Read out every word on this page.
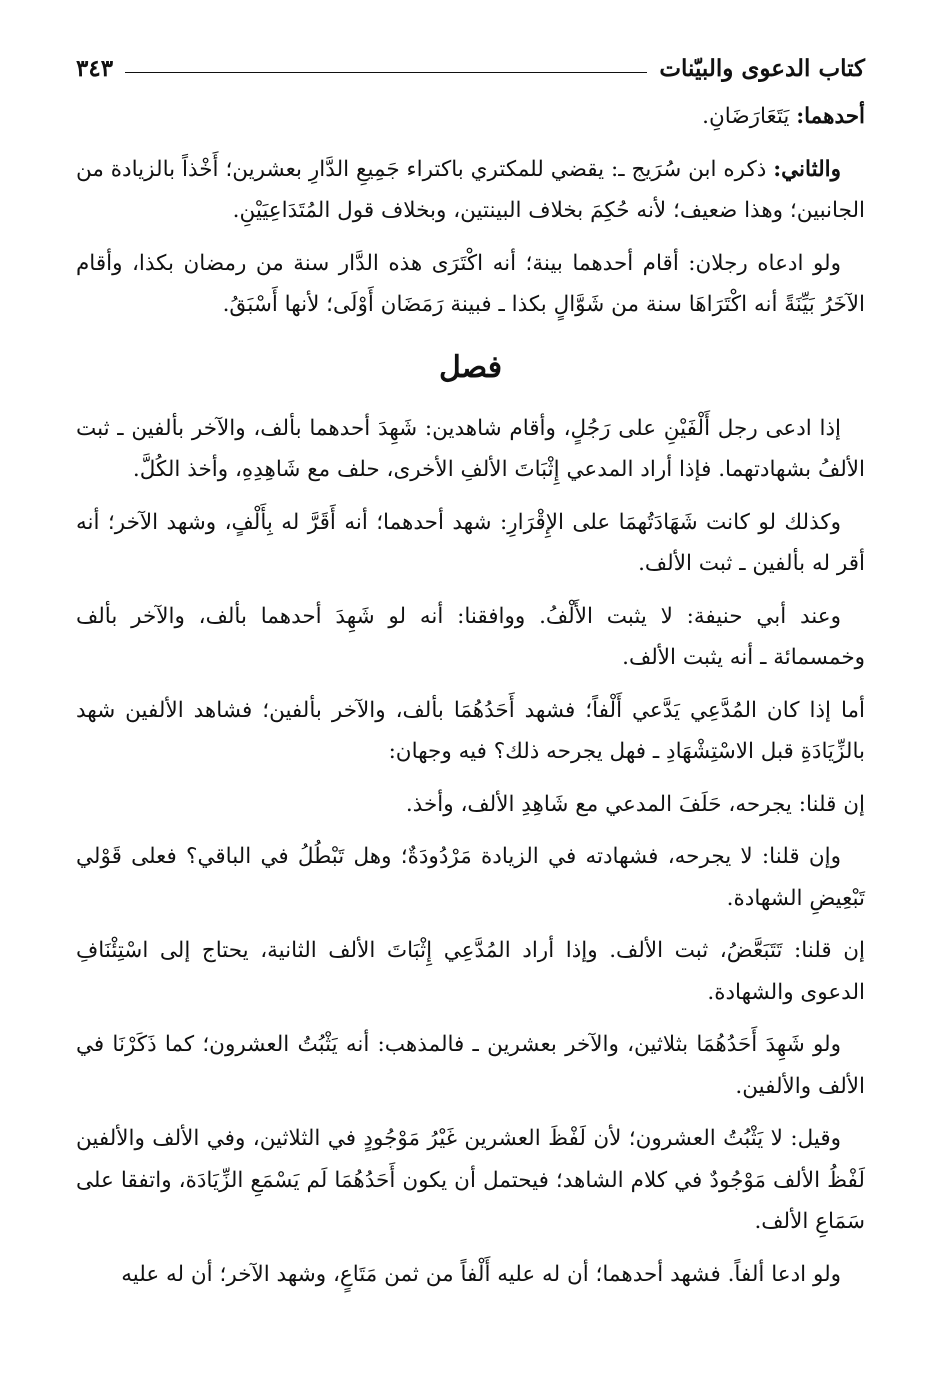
كتاب الدعوى والبيّنات
٣٤٣

أحدهما: يَتَعَارَضَانِ.

والثاني: ذكره ابن سُرَيج ـ: يقضي للمكتري باكتراء جَمِيعِ الدَّارِ بعشرين؛ أَخْذاً بالزيادة من الجانبين؛ وهذا ضعيف؛ لأنه حُكِمَ بخلاف البينتين، وبخلاف قول المُتَدَاعِيَيْنِ.

ولو ادعاه رجلان: أقام أحدهما بينة؛ أنه اكْتَرَى هذه الدَّار سنة من رمضان بكذا، وأقام الآخَرُ بَيِّنَةً أنه اكْتَرَاهَا سنة من شَوَّالٍ بكذا ـ فبينة رَمَضَان أَوْلَى؛ لأنها أَسْبَقُ.

فصل

إذا ادعى رجل أَلْفَيْنِ على رَجُلٍ، وأقام شاهدين: شَهِدَ أحدهما بألف، والآخر بألفين ـ ثبت الألفُ بشهادتهما. فإذا أراد المدعي إِثْبَاتَ الألفِ الأخرى، حلف مع شَاهِدِهِ، وأخذ الكُلَّ.

وكذلك لو كانت شَهَادَتُهمَا على الإِقْرَارِ: شهد أحدهما؛ أنه أَقَرَّ له بِأَلْفٍ، وشهد الآخر؛ أنه أقر له بألفين ـ ثبت الألف.

وعند أبي حنيفة: لا يثبت الأَلْفُ. ووافقنا: أنه لو شَهِدَ أحدهما بألف، والآخر بألف وخمسمائة ـ أنه يثبت الألف.

أما إذا كان المُدَّعِي يَدَّعي أَلْفاً؛ فشهد أَحَدُهُمَا بألف، والآخر بألفين؛ فشاهد الألفين شهد بالزِّيَادَةِ قبل الاسْتِشْهَادِ ـ فهل يجرحه ذلك؟ فيه وجهان:

إن قلنا: يجرحه، حَلَفَ المدعي مع شَاهِدِ الألف، وأخذ.

وإن قلنا: لا يجرحه، فشهادته في الزيادة مَرْدُودَةٌ؛ وهل تَبْطُلُ في الباقي؟ فعلى قَوْلي تَبْعِيضِ الشهادة.

إن قلنا: تَتَبَعَّضُ، ثبت الألف. وإذا أراد المُدَّعِي إِثْبَاتَ الألف الثانية، يحتاج إلى اسْتِئْنَافِ الدعوى والشهادة.

ولو شَهِدَ أَحَدُهُمَا بثلاثين، والآخر بعشرين ـ فالمذهب: أنه يَثْبُتُ العشرون؛ كما ذَكَرْنَا في الألف والألفين.

وقيل: لا يَثْبُتُ العشرون؛ لأن لَفْظَ العشرين غَيْرُ مَوْجُودٍ في الثلاثين، وفي الألف والألفين لَفْظُ الألف مَوْجُودٌ في كلام الشاهد؛ فيحتمل أن يكون أَحَدُهُمَا لَم يَسْمَعِ الزِّيَادَة، واتفقا على سَمَاعِ الألف.

ولو ادعا ألفاً. فشهد أحدهما؛ أن له عليه أَلْفاً من ثمن مَتَاعٍ، وشهد الآخر؛ أن له عليه
